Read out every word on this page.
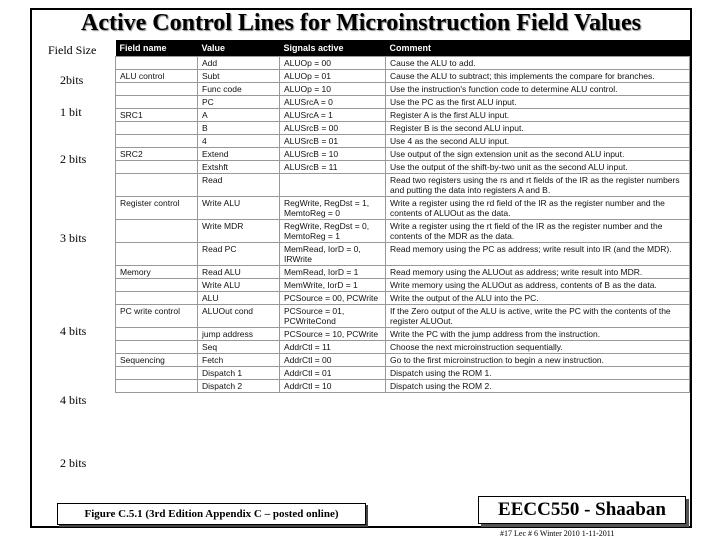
Active Control Lines for Microinstruction Field Values
Field Size
2bits
1 bit
2 bits
3 bits
4 bits
4 bits
2 bits
Field name	Value	Signals active	Comment
	Add	ALUOp = 00	Cause the ALU to add.
ALU control	Subt	ALUOp = 01	Cause the ALU to subtract; this implements the compare for branches.
	Func code	ALUOp = 10	Use the instruction's function code to determine ALU control.
	PC	ALUSrcA = 0	Use the PC as the first ALU input.
SRC1	A	ALUSrcA = 1	Register A is the first ALU input.
	B	ALUSrcB = 00	Register B is the second ALU input.
	4	ALUSrcB = 01	Use 4 as the second ALU input.
SRC2	Extend	ALUSrcB = 10	Use output of the sign extension unit as the second ALU input.
	Extshft	ALUSrcB = 11	Use the output of the shift-by-two unit as the second ALU input.
	Read		Read two registers using the rs and rt fields of the IR as the register numbers and putting the data into registers A and B.
Register control	Write ALU	RegWrite, RegDst = 1, MemtoReg = 0	Write a register using the rd field of the IR as the register number and the contents of ALUOut as the data.
	Write MDR	RegWrite, RegDst = 0, MemtoReg = 1	Write a register using the rt field of the IR as the register number and the contents of the MDR as the data.
	Read PC	MemRead, IorD = 0, IRWrite	Read memory using the PC as address; write result into IR (and the MDR).
Memory	Read ALU	MemRead, IorD = 1	Read memory using the ALUOut as address; write result into MDR.
	Write ALU	MemWrite, IorD = 1	Write memory using the ALUOut as address, contents of B as the data.
	ALU	PCSource = 00, PCWrite	Write the output of the ALU into the PC.
PC write control	ALUOut cond	PCSource = 01, PCWriteCond	If the Zero output of the ALU is active, write the PC with the contents of the register ALUOut.
	jump address	PCSource = 10, PCWrite	Write the PC with the jump address from the instruction.
	Seq	AddrCtl = 11	Choose the next microinstruction sequentially.
Sequencing	Fetch	AddrCtl = 00	Go to the first microinstruction to begin a new instruction.
	Dispatch 1	AddrCtl = 01	Dispatch using the ROM 1.
	Dispatch 2	AddrCtl = 10	Dispatch using the ROM 2.
Figure C.5.1 (3rd Edition Appendix C – posted online)	EECC550 - Shaaban
#17 Lec # 6 Winter 2010 1-11-2011
